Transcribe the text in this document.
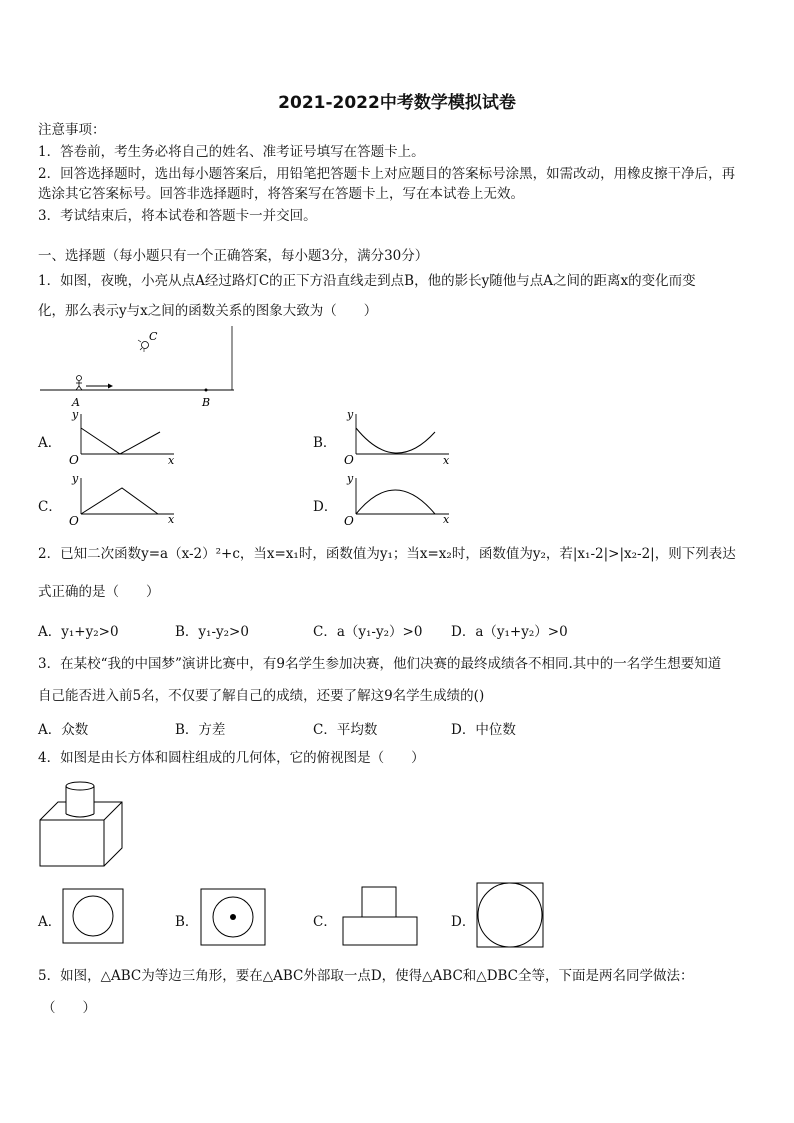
2021-2022中考数学模拟试卷
注意事项：
1．答卷前，考生务必将自己的姓名、准考证号填写在答题卡上。
2．回答选择题时，选出每小题答案后，用铅笔把答题卡上对应题目的答案标号涂黑，如需改动，用橡皮擦干净后，再
选涂其它答案标号。回答非选择题时，将答案写在答题卡上，写在本试卷上无效。
3．考试结束后，将本试卷和答题卡一并交回。
一、选择题（每小题只有一个正确答案，每小题3分，满分30分）
1．如图，夜晚，小亮从点A经过路灯C的正下方沿直线走到点B，他的影长y随他与点A之间的距离x的变化而变
化，那么表示y与x之间的函数关系的图象大致为（　　）
C
A	B
A．
y
O	x
B．
y
O	x
C．
y
O	x
D．
y
O	x
2．已知二次函数y=a（x-2）²+c，当x=x₁时，函数值为y₁；当x=x₂时，函数值为y₂，若|x₁-2|>|x₂-2|，则下列表达
式正确的是（　　）
A．y₁+y₂>0	B．y₁-y₂>0	C．a（y₁-y₂）>0 D．a（y₁+y₂）>0
3．在某校“我的中国梦”演讲比赛中，有9名学生参加决赛，他们决赛的最终成绩各不相同.其中的一名学生想要知道
自己能否进入前5名，不仅要了解自己的成绩，还要了解这9名学生成绩的()
A．众数	B．方差	C．平均数	D．中位数
4．如图是由长方体和圆柱组成的几何体，它的俯视图是（　　）
A．	B．	C．	D．
5．如图，△ABC为等边三角形，要在△ABC外部取一点D，使得△ABC和△DBC全等，下面是两名同学做法：
（　　）
